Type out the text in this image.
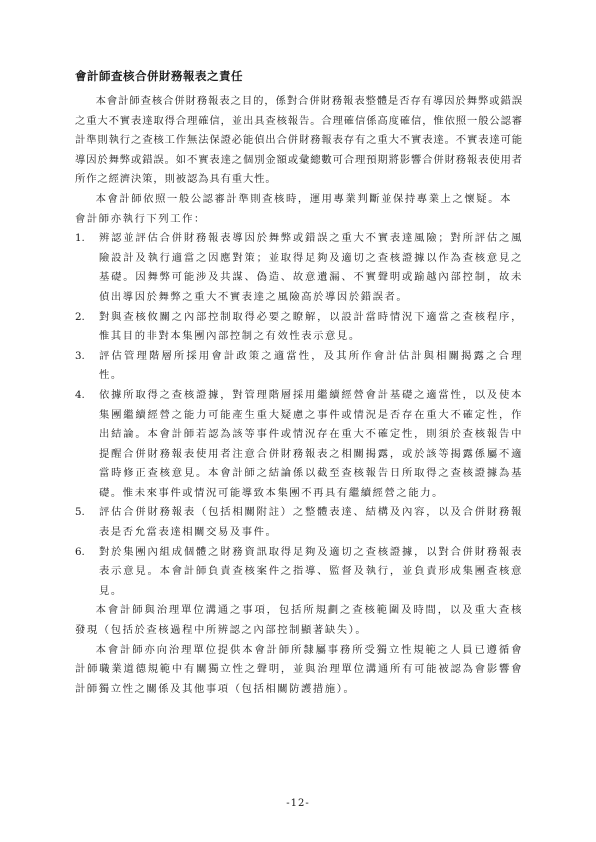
會計師查核合併財務報表之責任

本會計師查核合併財務報表之目的，係對合併財務報表整體是否存有導因於舞弊或錯誤之重大不實表達取得合理確信，並出具查核報告。合理確信係高度確信，惟依照一般公認審計準則執行之查核工作無法保證必能偵出合併財務報表存有之重大不實表達。不實表達可能導因於舞弊或錯誤。如不實表達之個別金額或彙總數可合理預期將影響合併財務報表使用者所作之經濟決策，則被認為具有重大性。

本會計師依照一般公認審計準則查核時，運用專業判斷並保持專業上之懷疑。本會計師亦執行下列工作：

1.	辨認並評估合併財務報表導因於舞弊或錯誤之重大不實表達風險；對所評估之風險設計及執行適當之因應對策；並取得足夠及適切之查核證據以作為查核意見之基礎。因舞弊可能涉及共謀、偽造、故意遺漏、不實聲明或踰越內部控制，故未偵出導因於舞弊之重大不實表達之風險高於導因於錯誤者。
2.	對與查核攸關之內部控制取得必要之瞭解，以設計當時情況下適當之查核程序，惟其目的非對本集團內部控制之有效性表示意見。
3.	評估管理階層所採用會計政策之適當性，及其所作會計估計與相關揭露之合理性。
4.	依據所取得之查核證據，對管理階層採用繼續經營會計基礎之適當性，以及使本集團繼續經營之能力可能產生重大疑慮之事件或情況是否存在重大不確定性，作出結論。本會計師若認為該等事件或情況存在重大不確定性，則須於查核報告中提醒合併財務報表使用者注意合併財務報表之相關揭露，或於該等揭露係屬不適當時修正查核意見。本會計師之結論係以截至查核報告日所取得之查核證據為基礎。惟未來事件或情況可能導致本集團不再具有繼續經營之能力。
5.	評估合併財務報表（包括相關附註）之整體表達、結構及內容，以及合併財務報表是否允當表達相關交易及事件。
6.	對於集團內組成個體之財務資訊取得足夠及適切之查核證據，以對合併財務報表表示意見。本會計師負責查核案件之指導、監督及執行，並負責形成集團查核意見。

本會計師與治理單位溝通之事項，包括所規劃之查核範圍及時間，以及重大查核發現（包括於查核過程中所辨認之內部控制顯著缺失）。

本會計師亦向治理單位提供本會計師所隸屬事務所受獨立性規範之人員已遵循會計師職業道德規範中有關獨立性之聲明，並與治理單位溝通所有可能被認為會影響會計師獨立性之關係及其他事項（包括相關防護措施）。

-12-
